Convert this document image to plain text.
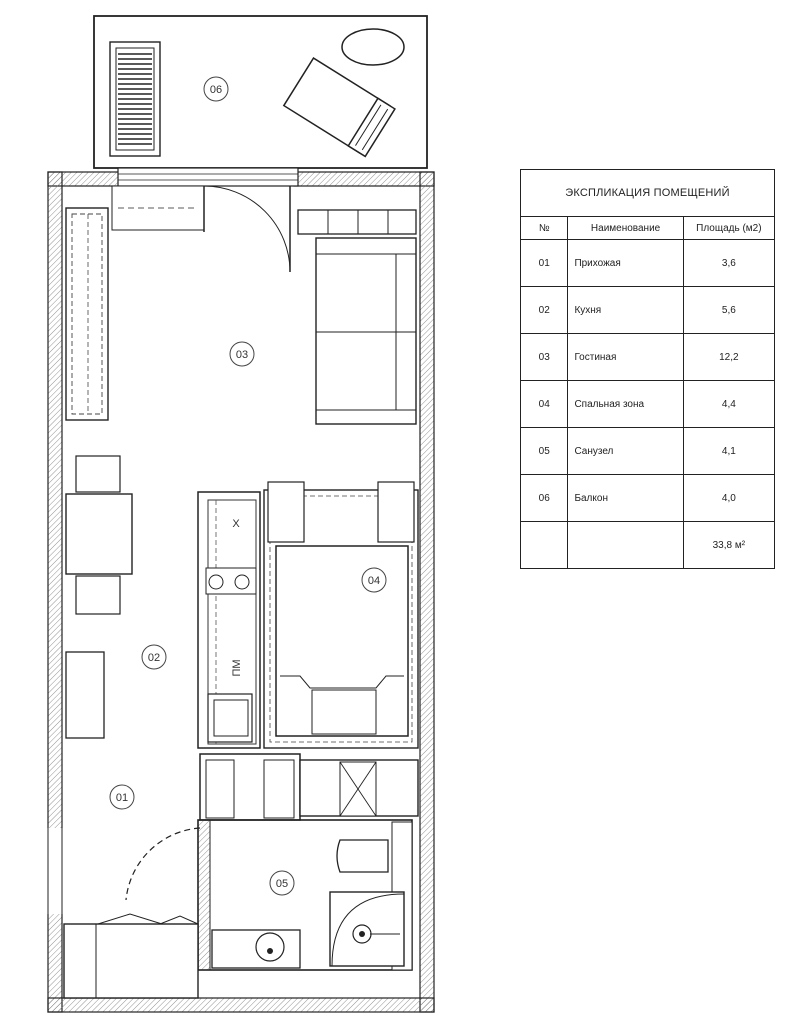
ПМ
X
06
03
04
02
01
05
ЭКСПЛИКАЦИЯ ПОМЕЩЕНИЙ		
№	Наименование	Площадь (м2)
01	Прихожая	3,6
02	Кухня	5,6
03	Гостиная	12,2
04	Спальная зона	4,4
05	Санузел	4,1
06	Балкон	4,0
		33,8 м²
